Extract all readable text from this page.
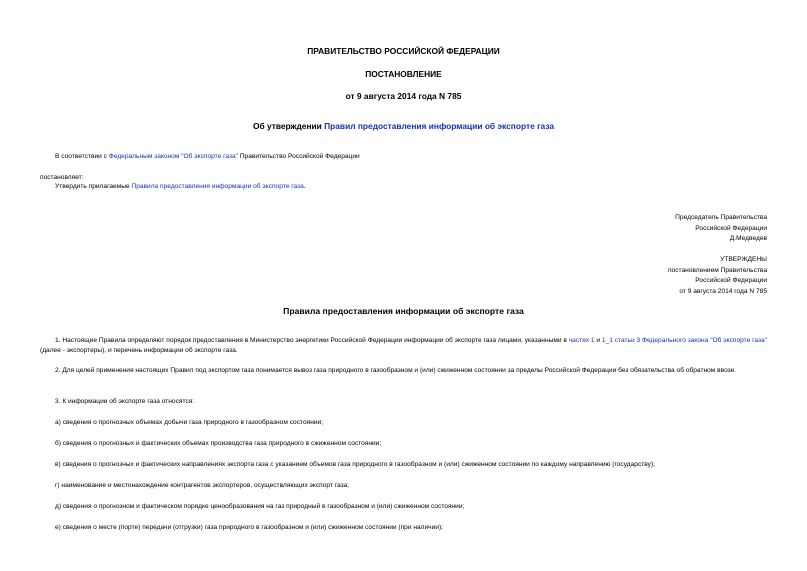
ПРАВИТЕЛЬСТВО РОССИЙСКОЙ ФЕДЕРАЦИИ
ПОСТАНОВЛЕНИЕ
от 9 августа 2014 года N 785
Об утверждении Правил предоставления информации об экспорте газа
В соответствии с Федеральным законом "Об экспорте газа" Правительство Российской Федерации
постановляет:
Утвердить прилагаемые Правила предоставления информации об экспорте газа.
Председатель Правительства
Российской Федерации
Д.Медведев
УТВЕРЖДЕНЫ
постановлением Правительства
Российской Федерации
от 9 августа 2014 года N 785
Правила предоставления информации об экспорте газа
1. Настоящие Правила определяют порядок предоставления в Министерство энергетики Российской Федерации информации об экспорте газа лицами, указанными в частях 1 и 1_1 статьи 3 Федерального закона "Об экспорте газа" (далее - экспортеры), и перечень информации об экспорте газа.
2. Для целей применения настоящих Правил под экспортом газа понимается вывоз газа природного в газообразном и (или) сжиженном состоянии за пределы Российской Федерации без обязательства об обратном ввозе.
3. К информации об экспорте газа относятся:
а) сведения о прогнозных объемах добычи газа природного в газообразном состоянии;
б) сведения о прогнозных и фактических объемах производства газа природного в сжиженном состоянии;
в) сведения о прогнозных и фактических направлениях экспорта газа с указанием объемов газа природного в газообразном и (или) сжиженном состоянии по каждому направлению (государству);
г) наименование и местонахождение контрагентов экспортеров, осуществляющих экспорт газа;
д) сведения о прогнозном и фактическом порядке ценообразования на газ природный в газообразном и (или) сжиженном состоянии;
е) сведения о месте (порте) передачи (отгрузки) газа природного в газообразном и (или) сжиженном состоянии (при наличии);
